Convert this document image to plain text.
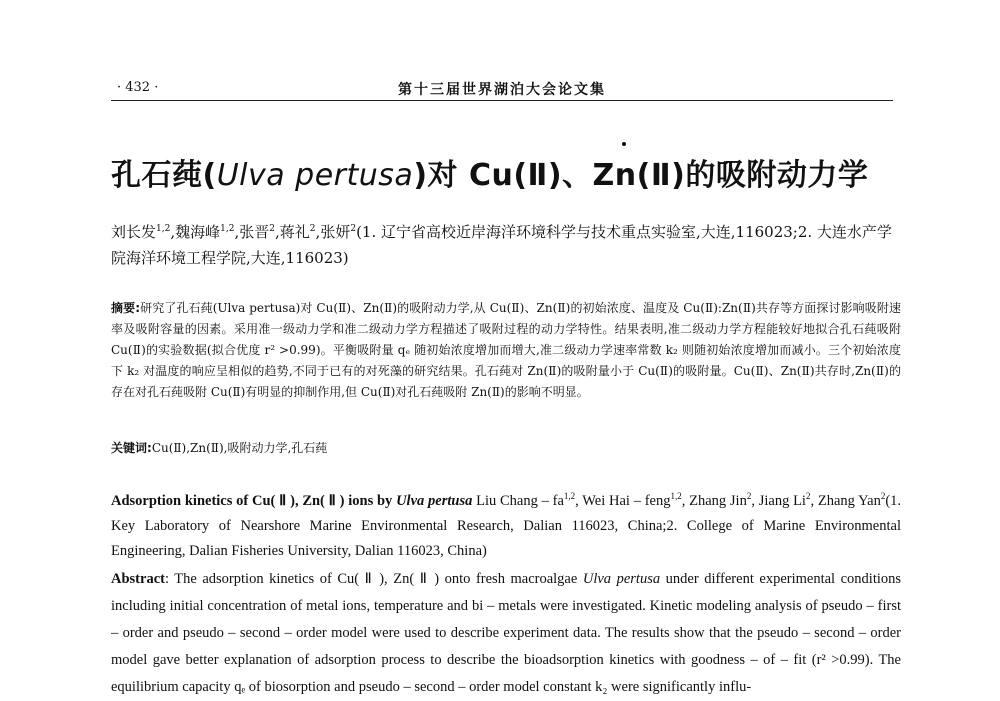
· 432 ·	第十三届世界湖泊大会论文集
孔石莼(Ulva pertusa)对 Cu(Ⅱ)、Zn(Ⅱ)的吸附动力学
刘长发$^{1,2}$,魏海峰$^{1,2}$,张晋$^2$,蒋礼$^2$,张妍$^2$(1. 辽宁省高校近岸海洋环境科学与技术重点实验室,大连,116023;2. 大连水产学院海洋环境工程学院,大连,116023)
摘要:研究了孔石莼(Ulva pertusa)对 Cu(Ⅱ)、Zn(Ⅱ)的吸附动力学,从 Cu(Ⅱ)、Zn(Ⅱ)的初始浓度、温度及 Cu(Ⅱ):Zn(Ⅱ)共存等方面探讨影响吸附速率及吸附容量的因素。采用准一级动力学和准二级动力学方程描述了吸附过程的动力学特性。结果表明,准二级动力学方程能较好地拟合孔石莼吸附 Cu(Ⅱ)的实验数据(拟合优度 r² >0.99)。平衡吸附量 qₑ 随初始浓度增加而增大,准二级动力学速率常数 k₂ 则随初始浓度增加而减小。三个初始浓度下 k₂ 对温度的响应呈相似的趋势,不同于已有的对死藻的研究结果。孔石莼对 Zn(Ⅱ)的吸附量小于 Cu(Ⅱ)的吸附量。Cu(Ⅱ)、Zn(Ⅱ)共存时,Zn(Ⅱ)的存在对孔石莼吸附 Cu(Ⅱ)有明显的抑制作用,但 Cu(Ⅱ)对孔石莼吸附 Zn(Ⅱ)的影响不明显。
关键词:Cu(Ⅱ),Zn(Ⅱ),吸附动力学,孔石莼
Adsorption kinetics of Cu( Ⅱ ), Zn( Ⅱ ) ions by Ulva pertusa Liu Chang – fa$^{1,2}$, Wei Hai – feng$^{1,2}$, Zhang Jin$^2$, Jiang Li$^2$, Zhang Yan$^2$(1. Key Laboratory of Nearshore Marine Environmental Research, Dalian 116023, China;2. College of Marine Environmental Engineering, Dalian Fisheries University, Dalian 116023, China)
Abstract: The adsorption kinetics of Cu( Ⅱ ), Zn( Ⅱ ) onto fresh macroalgae Ulva pertusa under different experimental conditions including initial concentration of metal ions, temperature and bi – metals were investigated. Kinetic modeling analysis of pseudo – first – order and pseudo – second – order model were used to describe experiment data. The results show that the pseudo – second – order model gave better explanation of adsorption process to describe the bioadsorption kinetics with goodness – of – fit (r² >0.99). The equilibrium capacity qₑ of biosorption and pseudo – second – order model constant k₂ were significantly influ-
